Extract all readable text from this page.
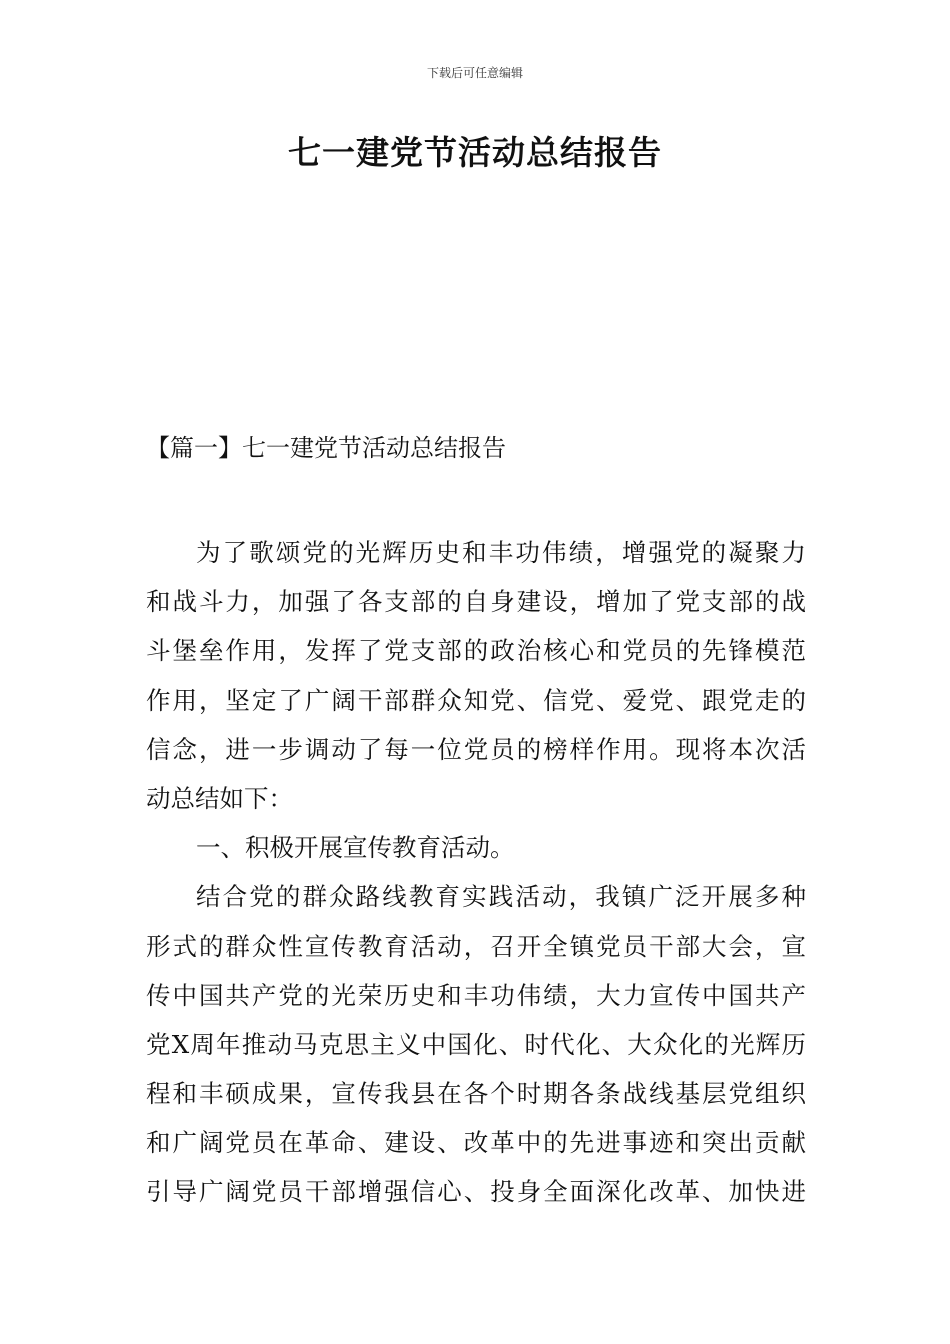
下载后可任意编辑
七一建党节活动总结报告
【篇一】七一建党节活动总结报告
为了歌颂党的光辉历史和丰功伟绩，增强党的凝聚力
和战斗力，加强了各支部的自身建设，增加了党支部的战
斗堡垒作用，发挥了党支部的政治核心和党员的先锋模范
作用，坚定了广阔干部群众知党、信党、爱党、跟党走的
信念，进一步调动了每一位党员的榜样作用。现将本次活
动总结如下：
一、积极开展宣传教育活动。
结合党的群众路线教育实践活动，我镇广泛开展多种
形式的群众性宣传教育活动，召开全镇党员干部大会，宣
传中国共产党的光荣历史和丰功伟绩，大力宣传中国共产
党X周年推动马克思主义中国化、时代化、大众化的光辉历
程和丰硕成果，宣传我县在各个时期各条战线基层党组织
和广阔党员在革命、建设、改革中的先进事迹和突出贡献
引导广阔党员干部增强信心、投身全面深化改革、加快进
